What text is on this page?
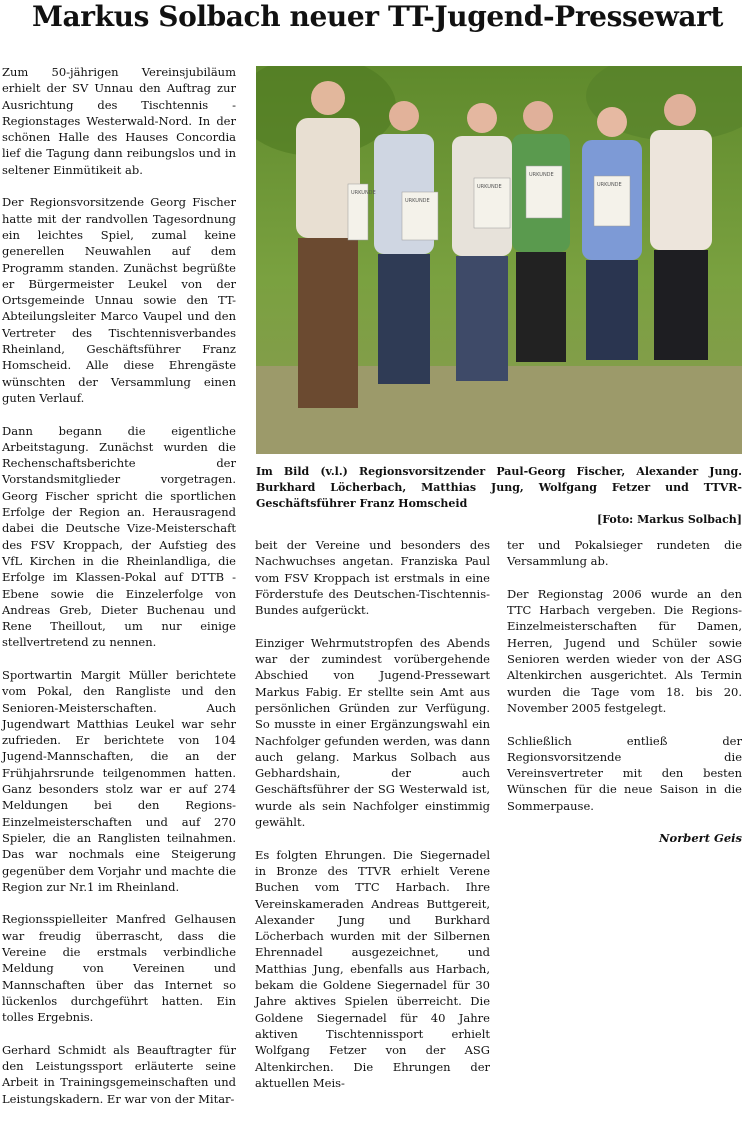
Markus Solbach neuer TT-Jugend-Pressewart

Zum 50-jährigen Vereinsjubiläum erhielt der SV Unnau den Auftrag zur Ausrichtung des Tischtennis - Regionstages Westerwald-Nord. In der schönen Halle des Hauses Concordia lief die Tagung dann reibungslos und in seltener Einmütikeit ab.

Der Regionsvorsitzende Georg Fischer hatte mit der randvollen Tagesordnung ein leichtes Spiel, zumal keine generellen Neuwahlen auf dem Programm standen. Zunächst begrüßte er Bürgermeister Leukel von der Ortsgemeinde Unnau sowie den TT-Abteilungsleiter Marco Vaupel und den Vertreter des Tischtennisverbandes Rheinland, Geschäftsführer Franz Homscheid. Alle diese Ehrengäste wünschten der Versammlung einen guten Verlauf.

Dann begann die eigentliche Arbeitstagung. Zunächst wurden die Rechenschaftsberichte der Vorstandsmitglieder vorgetragen. Georg Fischer spricht die sportlichen Erfolge der Region an. Herausragend dabei die Deutsche Vize-Meisterschaft des FSV Kroppach, der Aufstieg des VfL Kirchen in die Rheinlandliga, die Erfolge im Klassen-Pokal auf DTTB - Ebene sowie die Einzelerfolge von Andreas Greb, Dieter Buchenau und Rene Theillout, um nur einige stellvertretend zu nennen.

Sportwartin Margit Müller berichtete vom Pokal, den Rangliste und den Senioren-Meisterschaften. Auch Jugendwart Matthias Leukel war sehr zufrieden. Er berichtete von 104 Jugend-Mannschaften, die an der Frühjahrsrunde teilgenommen hatten. Ganz besonders stolz war er auf 274 Meldungen bei den Regions-Einzelmeisterschaften und auf 270 Spieler, die an Ranglisten teilnahmen. Das war nochmals eine Steigerung gegenüber dem Vorjahr und machte die Region zur Nr.1 im Rheinland.

Regionsspielleiter Manfred Gelhausen war freudig überrascht, dass die Vereine die erstmals verbindliche Meldung von Vereinen und Mannschaften über das Internet so lückenlos durchgeführt hatten. Ein tolles Ergebnis.

Gerhard Schmidt als Beauftragter für den Leistungssport erläuterte seine Arbeit in Trainingsgemeinschaften und Leistungskadern. Er war von der Mitar-

URKUNDE
URKUNDE
URKUNDE
URKUNDE
URKUNDE
Im Bild (v.l.) Regionsvorsitzender Paul-Georg Fischer, Alexander Jung. Burkhard Löcherbach, Matthias Jung, Wolfgang Fetzer und TTVR-Geschäftsführer Franz Homscheid
[Foto: Markus Solbach]

beit der Vereine und besonders des Nachwuchses angetan. Franziska Paul vom FSV Kroppach ist erstmals in eine Förderstufe des Deutschen-Tischtennis-Bundes aufgerückt.

Einziger Wehrmutstropfen des Abends war der zumindest vorübergehende Abschied von Jugend-Pressewart Markus Fabig. Er stellte sein Amt aus persönlichen Gründen zur Verfügung. So musste in einer Ergänzungswahl ein Nachfolger gefunden werden, was dann auch gelang. Markus Solbach aus Gebhardshain, der auch Geschäftsführer der SG Westerwald ist, wurde als sein Nachfolger einstimmig gewählt.

Es folgten Ehrungen. Die Siegernadel in Bronze des TTVR erhielt Verene Buchen vom TTC Harbach. Ihre Vereinskameraden Andreas Buttgereit, Alexander Jung und Burkhard Löcherbach wurden mit der Silbernen Ehrennadel ausgezeichnet, und Matthias Jung, ebenfalls aus Harbach, bekam die Goldene Siegernadel für 30 Jahre aktives Spielen überreicht. Die Goldene Siegernadel für 40 Jahre aktiven Tischtennissport erhielt Wolfgang Fetzer von der ASG Altenkirchen. Die Ehrungen der aktuellen Meis-

ter und Pokalsieger rundeten die Versammlung ab.

Der Regionstag 2006 wurde an den TTC Harbach vergeben. Die Regions-Einzelmeisterschaften für Damen, Herren, Jugend und Schüler sowie Senioren werden wieder von der ASG Altenkirchen ausgerichtet. Als Termin wurden die Tage vom 18. bis 20. November 2005 festgelegt.

Schließlich entließ der Regionsvorsitzende die Vereinsvertreter mit den besten Wünschen für die neue Saison in die Sommerpause.

Norbert Geis
